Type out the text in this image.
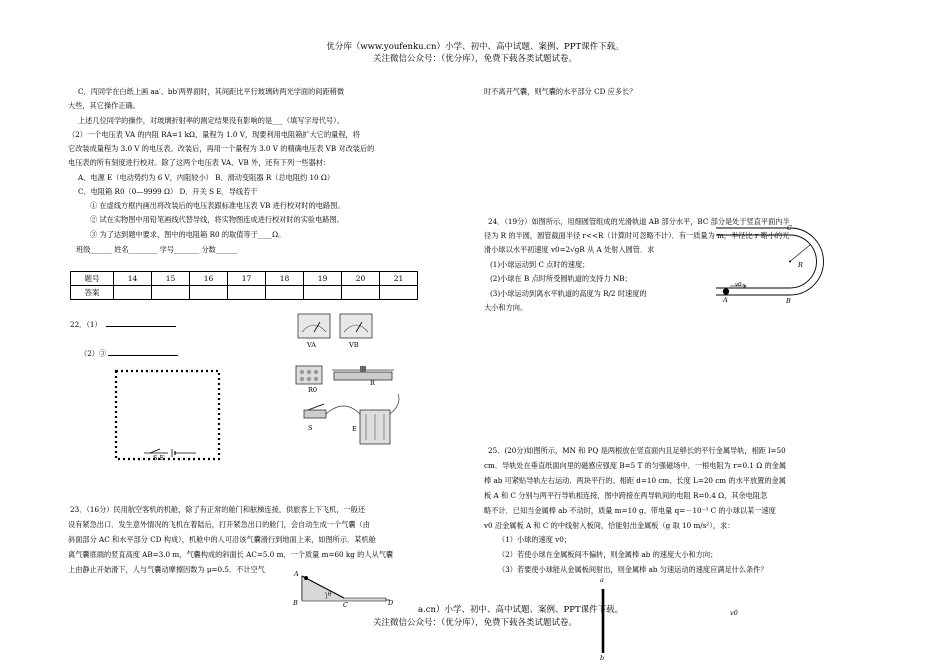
优分库（www.youfenku.cn）小学、初中、高中试题、案例、PPT课件下载。
关注微信公众号：（优分库），免费下载各类试题试卷。
C．丙同学在白纸上画 aa′、bb′两界面时，其间距比平行玻璃砖两光学面的间距稍微
大些，其它操作正确。
上述几位同学的操作，对玻璃折射率的测定结果没有影响的是___（填写字母代号）。
（2）一个电压表 VA 的内阻 RA=1 kΩ，量程为 1.0 V，现要利用电阻箱扩大它的量程，将
它改装成量程为 3.0 V 的电压表。改装后，再用一个量程为 3.0 V 的精确电压表 VB 对改装后的
电压表的所有刻度进行校对。除了这两个电压表 VA、VB 外，还有下列一些器材：
A．电源 E（电动势约为 6 V，内阻较小） B．滑动变阻器 R（总电阻约 10 Ω）
C．电阻箱 R0（0—9999 Ω） D．开关 S E．导线若干
① 在虚线方框内画出将改装后的电压表跟标准电压表 VB 进行校对时的电路图。
② 试在实物图中用铅笔画线代替导线，将实物图连成进行校对时的实验电路图。
③ 为了达到题中要求，图中的电阻箱 R0 的取值等于____Ω。
班级______ 姓名________ 学号_______ 分数______
题号	14	15	16	17	18	19	20	21
答案								
22．（1）
（2）③
S E
VA	VB
R0
R
S	E
23．（16分）民用航空客机的机舱，除了有正常的舱门和舷梯连接，供旅客上下飞机，一般还
设有紧急出口．发生意外情况的飞机在着陆后，打开紧急出口的舱门，会自动生成一个气囊（由
斜面部分 AC 和水平部分 CD 构成），机舱中的人可沿该气囊滑行到地面上来，如图所示．某机舱
离气囊底端的竖直高度 AB=3.0 m，气囊构成的斜面长 AC=5.0 m．一个质量 m=60 kg 的人从气囊
上由静止开始滑下，人与气囊动摩擦因数为 μ=0.5．不计空气	A
B	C	D
θ
a.cn）小学、初中、高中试题、案例、PPT课件下载。
关注微信公众号：（优分库），免费下载各类试题试卷。
时不离开气囊，则气囊的水平部分 CD 应多长？
24．（19分）如图所示，用细圆管组成的光滑轨道 AB 部分水平，BC 部分是处于竖直平面内半
径为 R 的半圆，圆管截面半径 r<<R（计算时可忽略不计）．有一质量为 m，半径比 r 略小的光
滑小球以水平初速度 v0=2√gR 从 A 处射入圆管．求
(1)小球运动到 C 点时的速度；
(2)小球在 B 点时所受圆轨道的支持力 NB；
(3)小球运动到离水平轨道的高度为 R/2 时速度的
大小和方向。
C
R
A	B
v0
25．(20分)如图所示，MN 和 PQ 是两根放在竖直面内且足够长的平行金属导轨，相距 l=50
cm．导轨处在垂直纸面向里的磁感应强度 B=5 T 的匀强磁场中．一根电阻为 r=0.1 Ω 的金属
棒 ab 可紧贴导轨左右运动．两块平行的、相距 d=10 cm、长度 L=20 cm 的水平放置的金属
板 A 和 C 分别与两平行导轨相连接，图中跨接在两导轨间的电阻 R=0.4 Ω，其余电阻忽
略不计．已知当金属棒 ab 不动时，质量 m=10 g、带电量 q=－10⁻³ C 的小球以某一速度
v0 沿金属板 A 和 C 的中线射入板间，恰能射出金属板（g 取 10 m/s²），求：
（1）小球的速度 v0；
（2）若使小球在金属板间不偏转，则金属棒 ab 的速度大小和方向；
（3）若要使小球能从金属板间射出，则金属棒 ab 匀速运动的速度应满足什么条件？
a
b
v0
